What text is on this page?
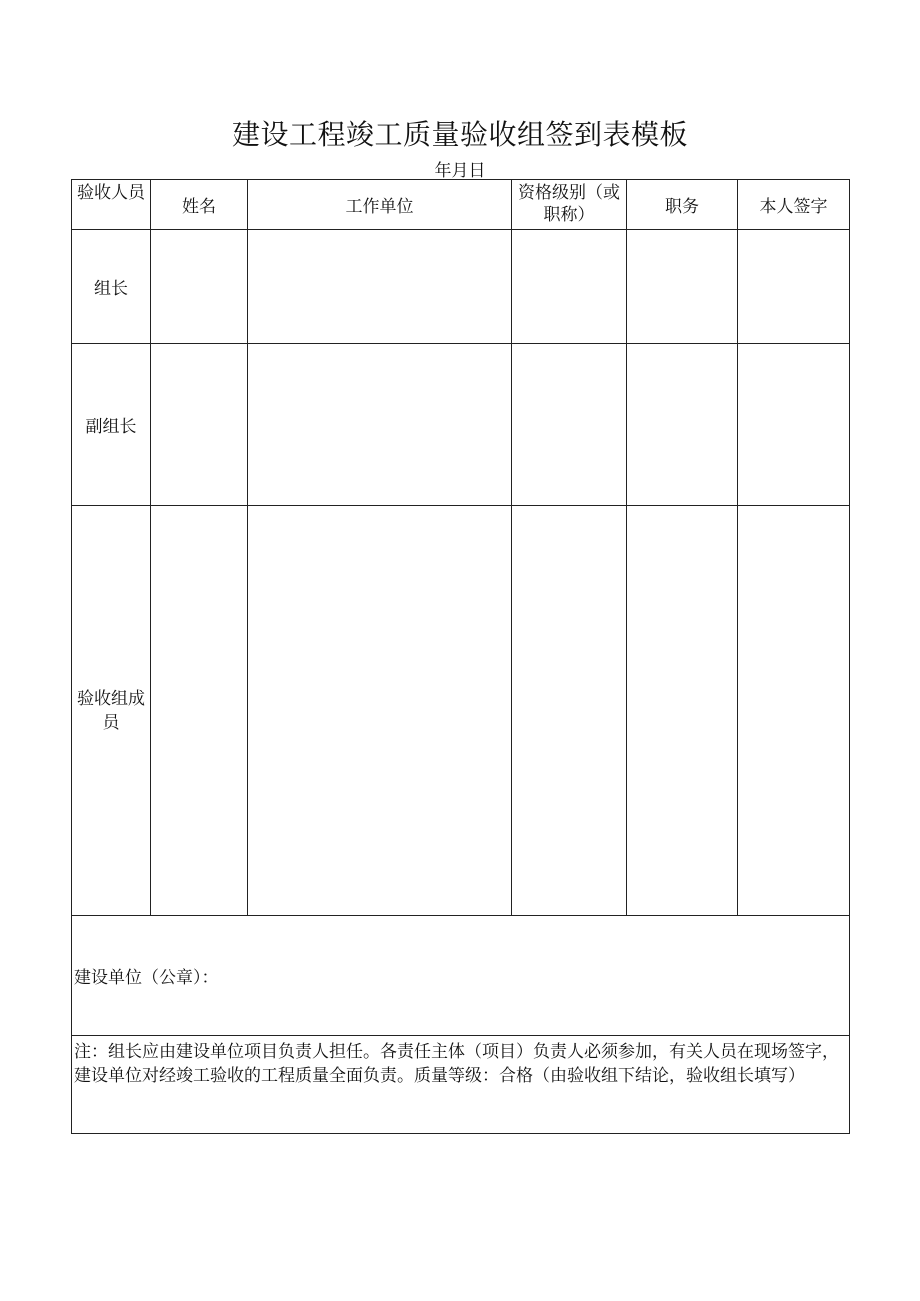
建设工程竣工质量验收组签到表模板
年月日
验收人员	姓名	工作单位	资格级别（或职称）	职务	本人签字
组长					
副组长					
验收组成员					
建设单位（公章）：					

注：组长应由建设单位项目负责人担任。各责任主体（项目）负责人必须参加，有关人员在现场签字，
建设单位对经竣工验收的工程质量全面负责。质量等级：合格（由验收组下结论，验收组长填写）					
